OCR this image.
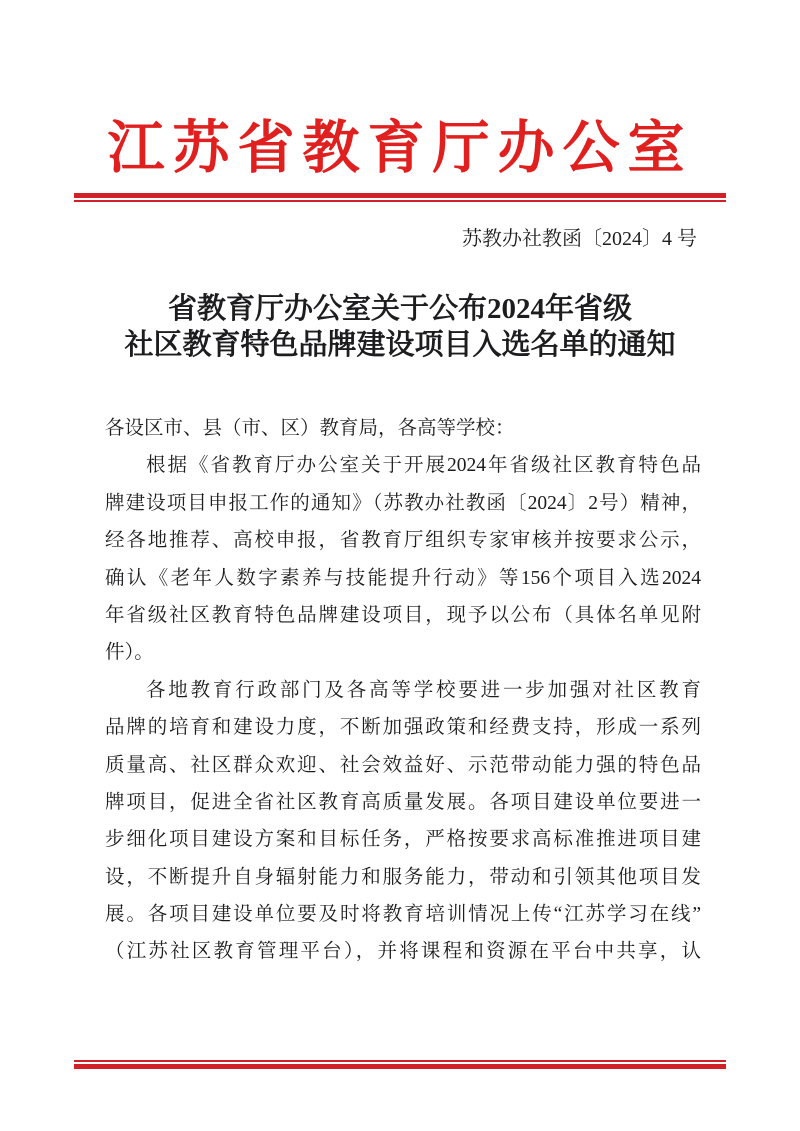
江苏省教育厅办公室
苏教办社教函〔2024〕4 号
省教育厅办公室关于公布2024年省级
社区教育特色品牌建设项目入选名单的通知
各设区市、县（市、区）教育局，各高等学校：
根据《省教育厅办公室关于开展2024年省级社区教育特色品
牌建设项目申报工作的通知》（苏教办社教函〔2024〕2号）精神，
经各地推荐、高校申报，省教育厅组织专家审核并按要求公示，
确认《老年人数字素养与技能提升行动》等156个项目入选2024
年省级社区教育特色品牌建设项目，现予以公布（具体名单见附
件）。
各地教育行政部门及各高等学校要进一步加强对社区教育
品牌的培育和建设力度，不断加强政策和经费支持，形成一系列
质量高、社区群众欢迎、社会效益好、示范带动能力强的特色品
牌项目，促进全省社区教育高质量发展。各项目建设单位要进一
步细化项目建设方案和目标任务，严格按要求高标准推进项目建
设，不断提升自身辐射能力和服务能力，带动和引领其他项目发
展。各项目建设单位要及时将教育培训情况上传“江苏学习在线”
（江苏社区教育管理平台），并将课程和资源在平台中共享，认
